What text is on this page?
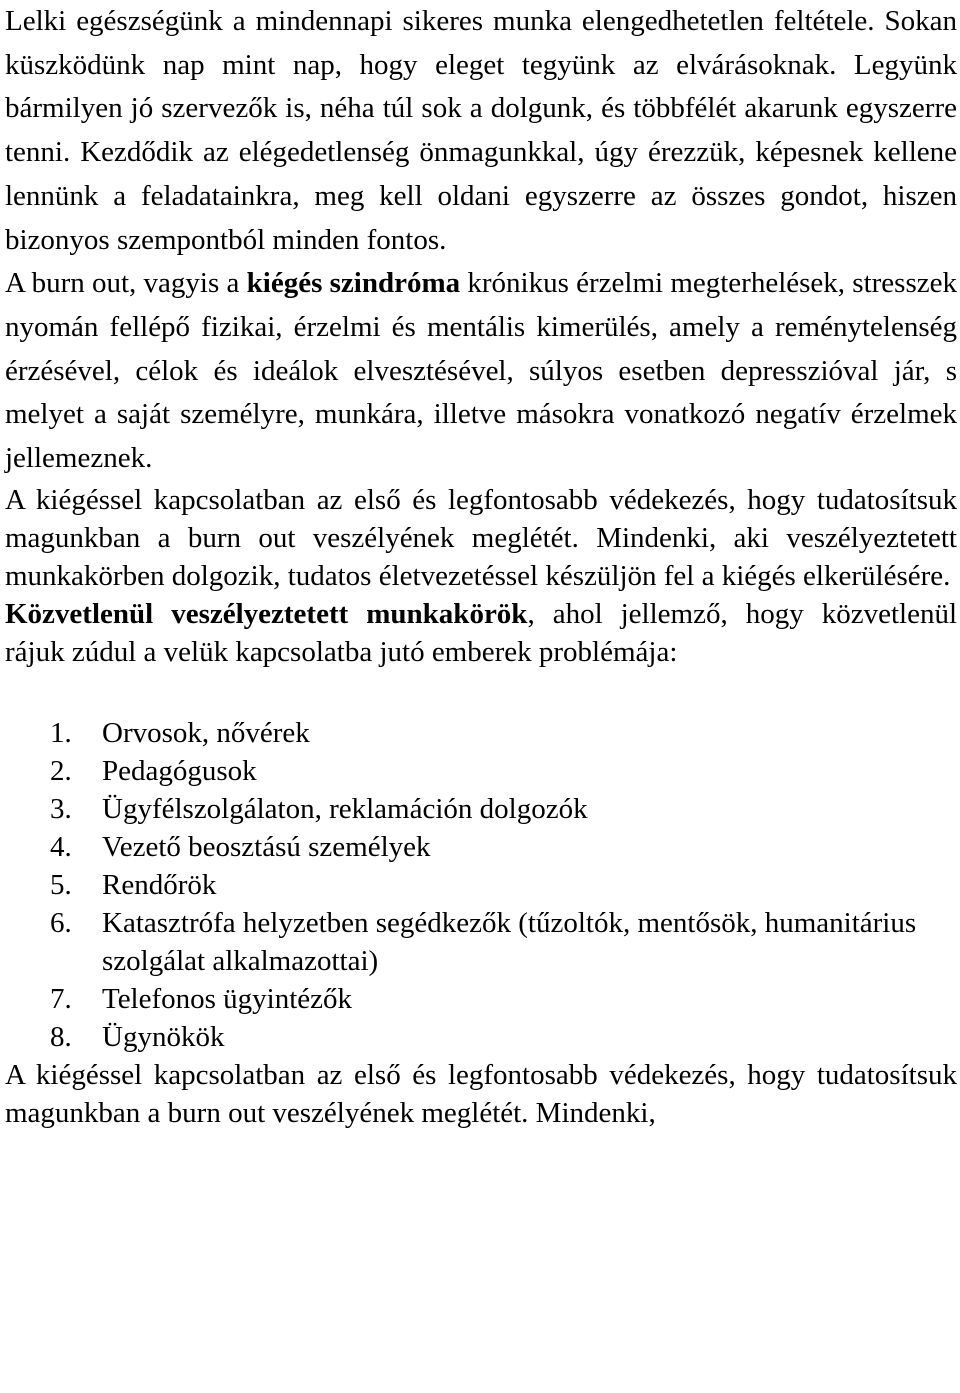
Lelki egészségünk a mindennapi sikeres munka elengedhetetlen feltétele. Sokan küszködünk nap mint nap, hogy eleget tegyünk az elvárásoknak. Legyünk bármilyen jó szervezők is, néha túl sok a dolgunk, és többfélét akarunk egyszerre tenni. Kezdődik az elégedetlenség önmagunkkal, úgy érezzük, képesnek kellene lennünk a feladatainkra, meg kell oldani egyszerre az összes gondot, hiszen bizonyos szempontból minden fontos.

A burn out, vagyis a kiégés szindróma krónikus érzelmi megterhelések, stresszek nyomán fellépő fizikai, érzelmi és mentális kimerülés, amely a reménytelenség érzésével, célok és ideálok elvesztésével, súlyos esetben depresszióval jár, s melyet a saját személyre, munkára, illetve másokra vonatkozó negatív érzelmek jellemeznek.

A kiégéssel kapcsolatban az első és legfontosabb védekezés, hogy tudatosítsuk magunkban a burn out veszélyének meglétét. Mindenki, aki veszélyeztetett munkakörben dolgozik, tudatos életvezetéssel készüljön fel a kiégés elkerülésére.

Közvetlenül veszélyeztetett munkakörök, ahol jellemző, hogy közvetlenül rájuk zúdul a velük kapcsolatba jutó emberek problémája:

1. Orvosok, nővérek
2. Pedagógusok
3. Ügyfélszolgálaton, reklamáción dolgozók
4. Vezető beosztású személyek
5. Rendőrök
6. Katasztrófa helyzetben segédkezők (tűzoltók, mentősök, humanitárius szolgálat alkalmazottai)
7. Telefonos ügyintézők
8. Ügynökök

A kiégéssel kapcsolatban az első és legfontosabb védekezés, hogy tudatosítsuk magunkban a burn out veszélyének meglétét. Mindenki,
